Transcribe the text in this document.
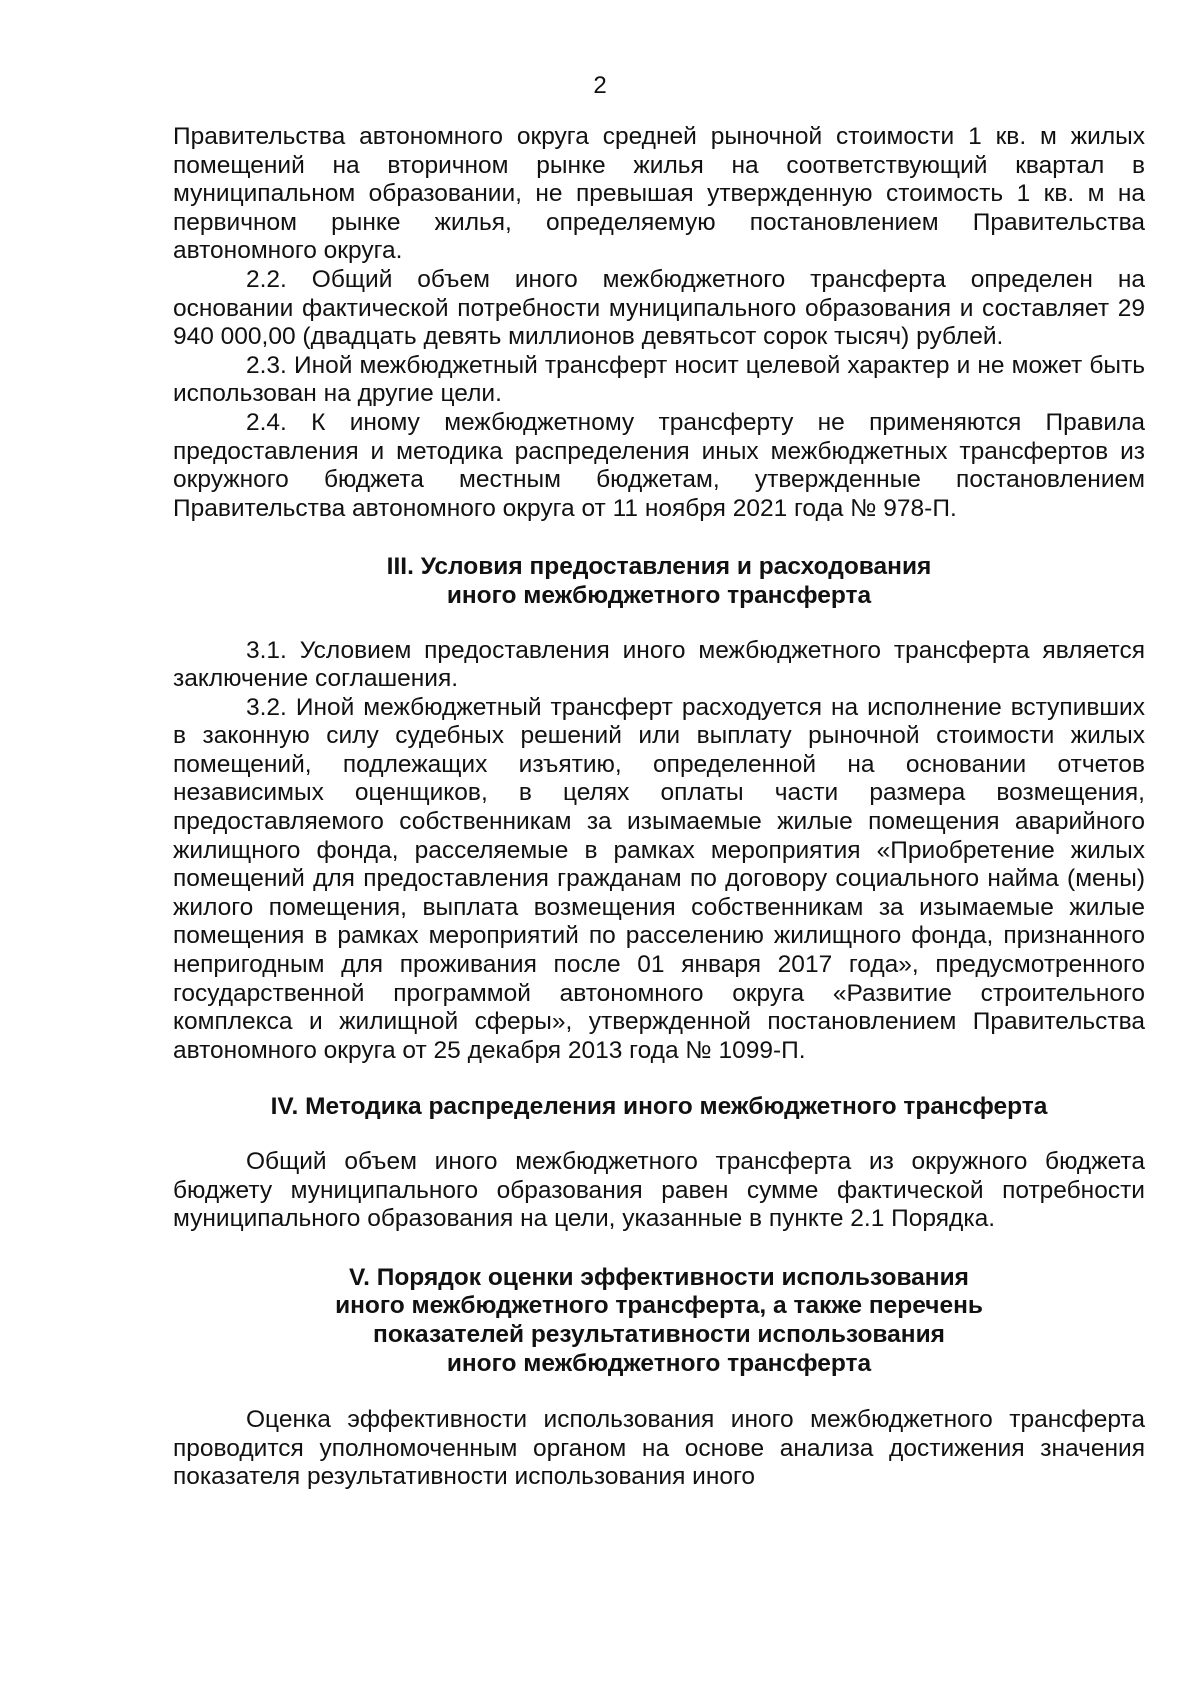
2

Правительства автономного округа средней рыночной стоимости 1 кв. м жилых помещений на вторичном рынке жилья на соответствующий квартал в муниципальном образовании, не превышая утвержденную стоимость 1 кв. м на первичном рынке жилья, определяемую постановлением Правительства автономного округа.

2.2. Общий объем иного межбюджетного трансферта определен на основании фактической потребности муниципального образования и составляет 29 940 000,00 (двадцать девять миллионов девятьсот сорок тысяч) рублей.

2.3. Иной межбюджетный трансферт носит целевой характер и не может быть использован на другие цели.

2.4. К иному межбюджетному трансферту не применяются Правила предоставления и методика распределения иных межбюджетных трансфертов из окружного бюджета местным бюджетам, утвержденные постановлением Правительства автономного округа от 11 ноября 2021 года № 978-П.

III. Условия предоставления и расходования
иного межбюджетного трансферта

3.1. Условием предоставления иного межбюджетного трансферта является заключение соглашения.

3.2. Иной межбюджетный трансферт расходуется на исполнение вступивших в законную силу судебных решений или выплату рыночной стоимости жилых помещений, подлежащих изъятию, определенной на основании отчетов независимых оценщиков, в целях оплаты части размера возмещения, предоставляемого собственникам за изымаемые жилые помещения аварийного жилищного фонда, расселяемые в рамках мероприятия «Приобретение жилых помещений для предоставления гражданам по договору социального найма (мены) жилого помещения, выплата возмещения собственникам за изымаемые жилые помещения в рамках мероприятий по расселению жилищного фонда, признанного непригодным для проживания после 01 января 2017 года», предусмотренного государственной программой автономного округа «Развитие строительного комплекса и жилищной сферы», утвержденной постановлением Правительства автономного округа от 25 декабря 2013 года № 1099-П.

IV. Методика распределения иного межбюджетного трансферта

Общий объем иного межбюджетного трансферта из окружного бюджета бюджету муниципального образования равен сумме фактической потребности муниципального образования на цели, указанные в пункте 2.1 Порядка.

V. Порядок оценки эффективности использования
иного межбюджетного трансферта, а также перечень
показателей результативности использования
иного межбюджетного трансферта

Оценка эффективности использования иного межбюджетного трансферта проводится уполномоченным органом на основе анализа достижения значения показателя результативности использования иного
